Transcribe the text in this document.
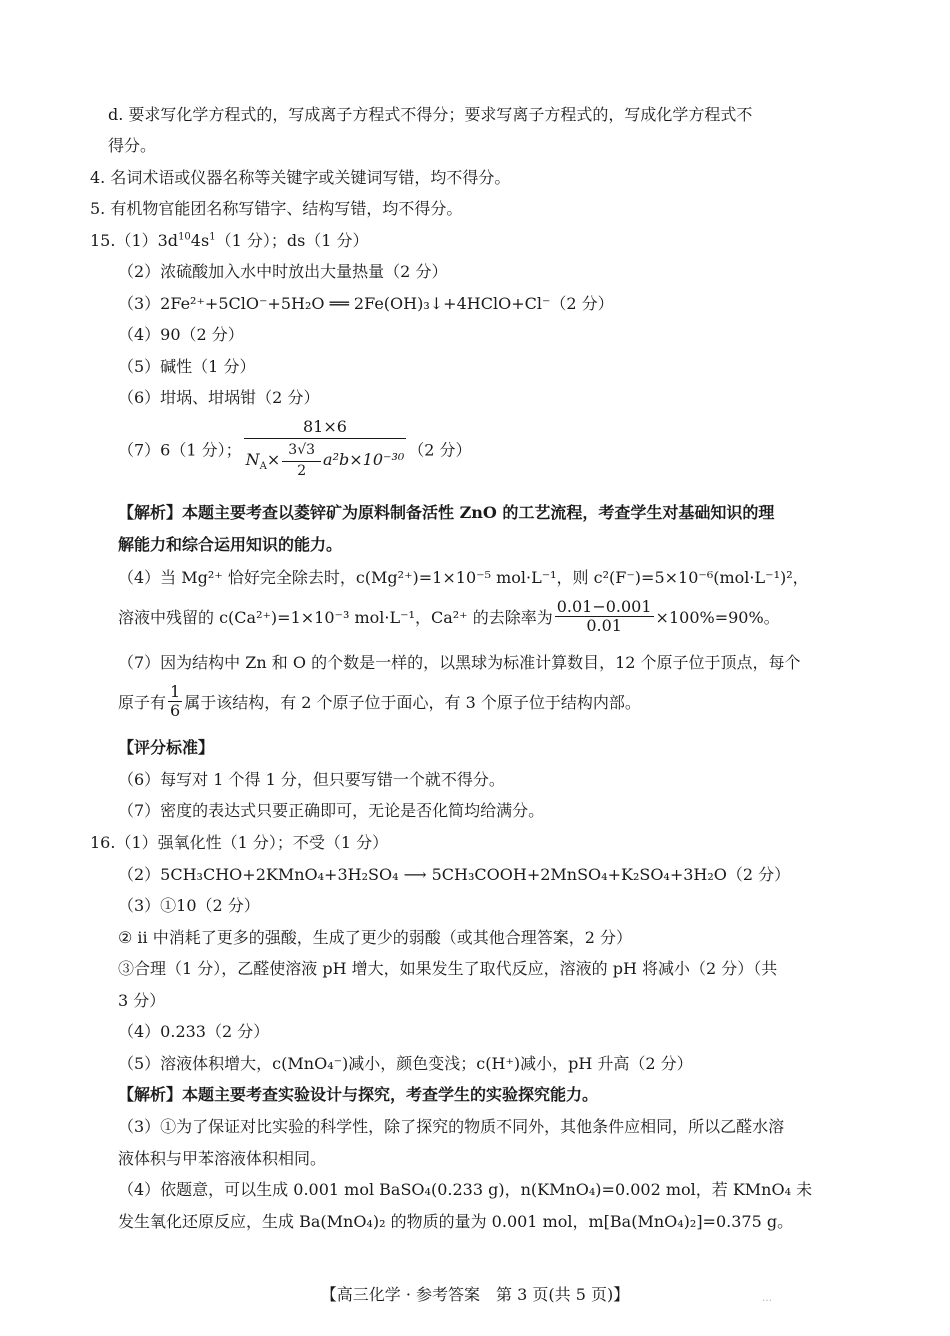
d. 要求写化学方程式的，写成离子方程式不得分；要求写离子方程式的，写成化学方程式不
得分。
4. 名词术语或仪器名称等关键字或关键词写错，均不得分。
5. 有机物官能团名称写错字、结构写错，均不得分。
$15.(1)3d^{10}4s^1(1$ 分）；ds（1 分）
（2）浓硫酸加入水中时放出大量热量（2 分）
（3）2Fe²⁺+5ClO⁻+5H₂O ══ 2Fe(OH)₃↓+4HClO+Cl⁻（2 分）
（4）90（2 分）
（5）碱性（1 分）
（6）坩埚、坩埚钳（2 分）
（7）6（1 分）； $\frac{81\times 6}{N_A\times \frac{3√3}{2} a^2b\times 10^{-30}} (2$ 分）
【解析】本题主要考查以菱锌矿为原料制备活性 ZnO 的工艺流程，考查学生对基础知识的理
解能力和综合运用知识的能力。
（4）当 Mg²⁺ 恰好完全除去时，c(Mg²⁺)=1×10⁻⁵ mol·L⁻¹，则 c²(F⁻)=5×10⁻⁶(mol·L⁻¹)²，
溶液中残留的 c(Ca²⁺)=1×10⁻³ mol·L⁻¹，Ca²⁺ 的去除率为 $\frac{0.01-0.001}{0.01} \times 100\%=90\%$。
（7）因为结构中 Zn 和 O 的个数是一样的，以黑球为标准计算数目，12 个原子位于顶点，每个
原子有 $\frac{1}{6}$ 属于该结构，有 2 个原子位于面心，有 3 个原子位于结构内部。
【评分标准】
（6）每写对 1 个得 1 分，但只要写错一个就不得分。
（7）密度的表达式只要正确即可，无论是否化简均给满分。
16.（1）强氧化性（1 分）；不受（1 分）
（2）5CH₃CHO+2KMnO₄+3H₂SO₄ ⟶ 5CH₃COOH+2MnSO₄+K₂SO₄+3H₂O（2 分）
（3）①10（2 分）
② ⅱ 中消耗了更多的强酸，生成了更少的弱酸（或其他合理答案，2 分）
③合理（1 分），乙醛使溶液 pH 增大，如果发生了取代反应，溶液的 pH 将减小（2 分）（共
3 分）
（4）0.233（2 分）
（5）溶液体积增大，c(MnO₄⁻)减小，颜色变浅；c(H⁺)减小，pH 升高（2 分）
【解析】本题主要考查实验设计与探究，考查学生的实验探究能力。
（3）①为了保证对比实验的科学性，除了探究的物质不同外，其他条件应相同，所以乙醛水溶
液体积与甲苯溶液体积相同。
（4）依题意，可以生成 0.001 mol BaSO₄(0.233 g)，n(KMnO₄)=0.002 mol，若 KMnO₄ 未
发生氧化还原反应，生成 Ba(MnO₄)₂ 的物质的量为 0.001 mol，m[Ba(MnO₄)₂]=0.375 g。
【高三化学 · 参考答案　第 3 页(共 5 页)】	…
